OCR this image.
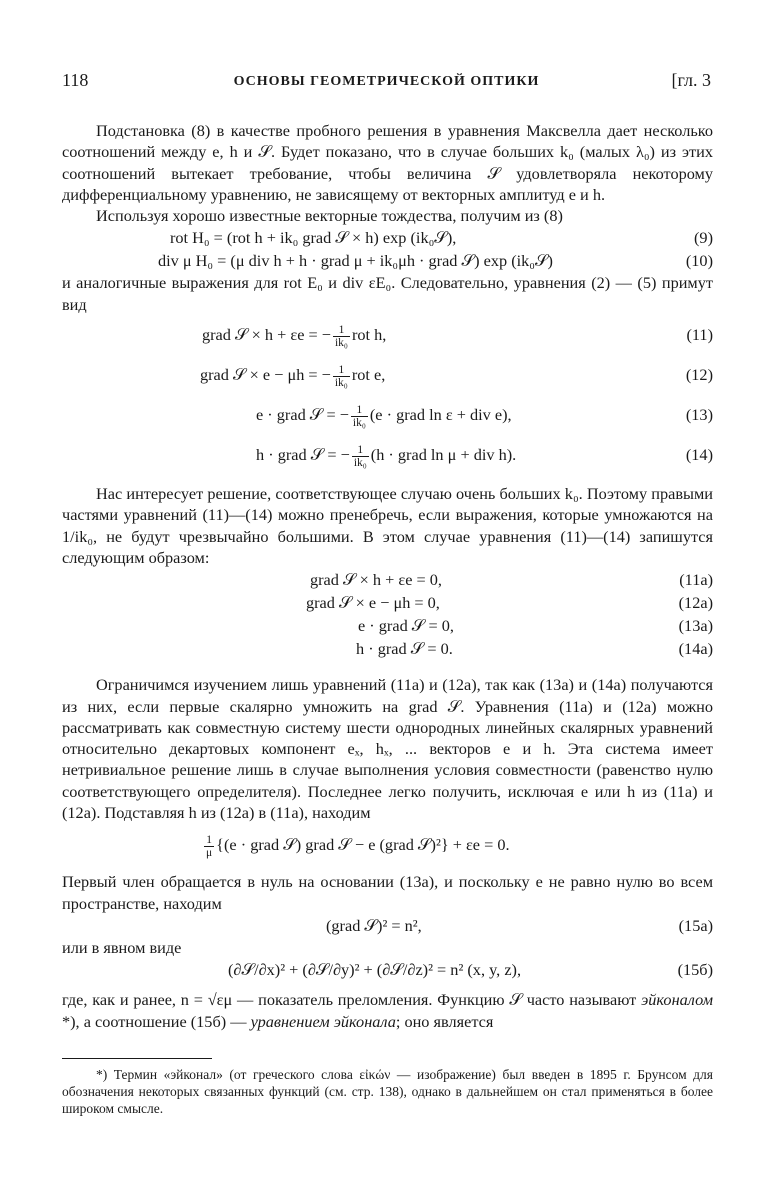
118	ОСНОВЫ ГЕОМЕТРИЧЕСКОЙ ОПТИКИ	[гл. 3

Подстановка (8) в качестве пробного решения в уравнения Максвелла дает несколько соотношений между e, h и 𝒮. Будет показано, что в случае больших k₀ (малых λ₀) из этих соотношений вытекает требование, чтобы величина 𝒮 удовлетворяла некоторому дифференциальному уравнению, не зависящему от векторных амплитуд e и h.

Используя хорошо известные векторные тождества, получим из (8)

rot H₀ = (rot h + ik₀ grad 𝒮 × h) exp (ik₀𝒮),	(9)
div μ H₀ = (μ div h + h · grad μ + ik₀μh · grad 𝒮) exp (ik₀𝒮)	(10)

и аналогичные выражения для rot E₀ и div εE₀. Следовательно, уравнения (2) — (5) примут вид

grad 𝒮 × h + εe = − $\frac{1}{\text{ik₀}}$ rot h,	(11)
grad 𝒮 × e − μh = − $\frac{1}{\text{ik₀}}$ rot e,	(12)
e · grad 𝒮 = − $\frac{1}{\text{ik₀}} (e$ · grad ln ε + div e),	(13)
h · grad 𝒮 = − $\frac{1}{\text{ik₀}} (h$ · grad ln μ + div h).	(14)

Нас интересует решение, соответствующее случаю очень больших k₀. Поэтому правыми частями уравнений (11)—(14) можно пренебречь, если выражения, которые умножаются на 1/ik₀, не будут чрезвычайно большими. В этом случае уравнения (11)—(14) запишутся следующим образом:

grad 𝒮 × h + εe = 0,	(11a)
grad 𝒮 × e − μh = 0,	(12a)
e · grad 𝒮 = 0,	(13a)
h · grad 𝒮 = 0.	(14a)

Ограничимся изучением лишь уравнений (11a) и (12a), так как (13a) и (14a) получаются из них, если первые скалярно умножить на grad 𝒮. Уравнения (11a) и (12a) можно рассматривать как совместную систему шести однородных линейных скалярных уравнений относительно декартовых компонент eₓ, hₓ, ... векторов e и h. Эта система имеет нетривиальное решение лишь в случае выполнения условия совместности (равенство нулю соответствующего определителя). Последнее легко получить, исключая e или h из (11a) и (12a). Подставляя h из (12a) в (11a), находим

$\frac{1}{\mu} \{(e$ · grad 𝒮) grad 𝒮 − e (grad 𝒮)²} + εe = 0.

Первый член обращается в нуль на основании (13a), и поскольку e не равно нулю во всем пространстве, находим

(grad 𝒮)² = n²,	(15a)

или в явном виде

(∂𝒮/∂x)² + (∂𝒮/∂y)² + (∂𝒮/∂z)² = n² (x, y, z),	(15б)

где, как и ранее, n = √εμ — показатель преломления. Функцию 𝒮 часто называют эйконалом *), а соотношение (15б) — уравнением эйконала; оно является

*) Термин «эйконал» (от греческого слова εἰκών — изображение) был введен в 1895 г. Брунсом для обозначения некоторых связанных функций (см. стр. 138), однако в дальнейшем он стал применяться в более широком смысле.
